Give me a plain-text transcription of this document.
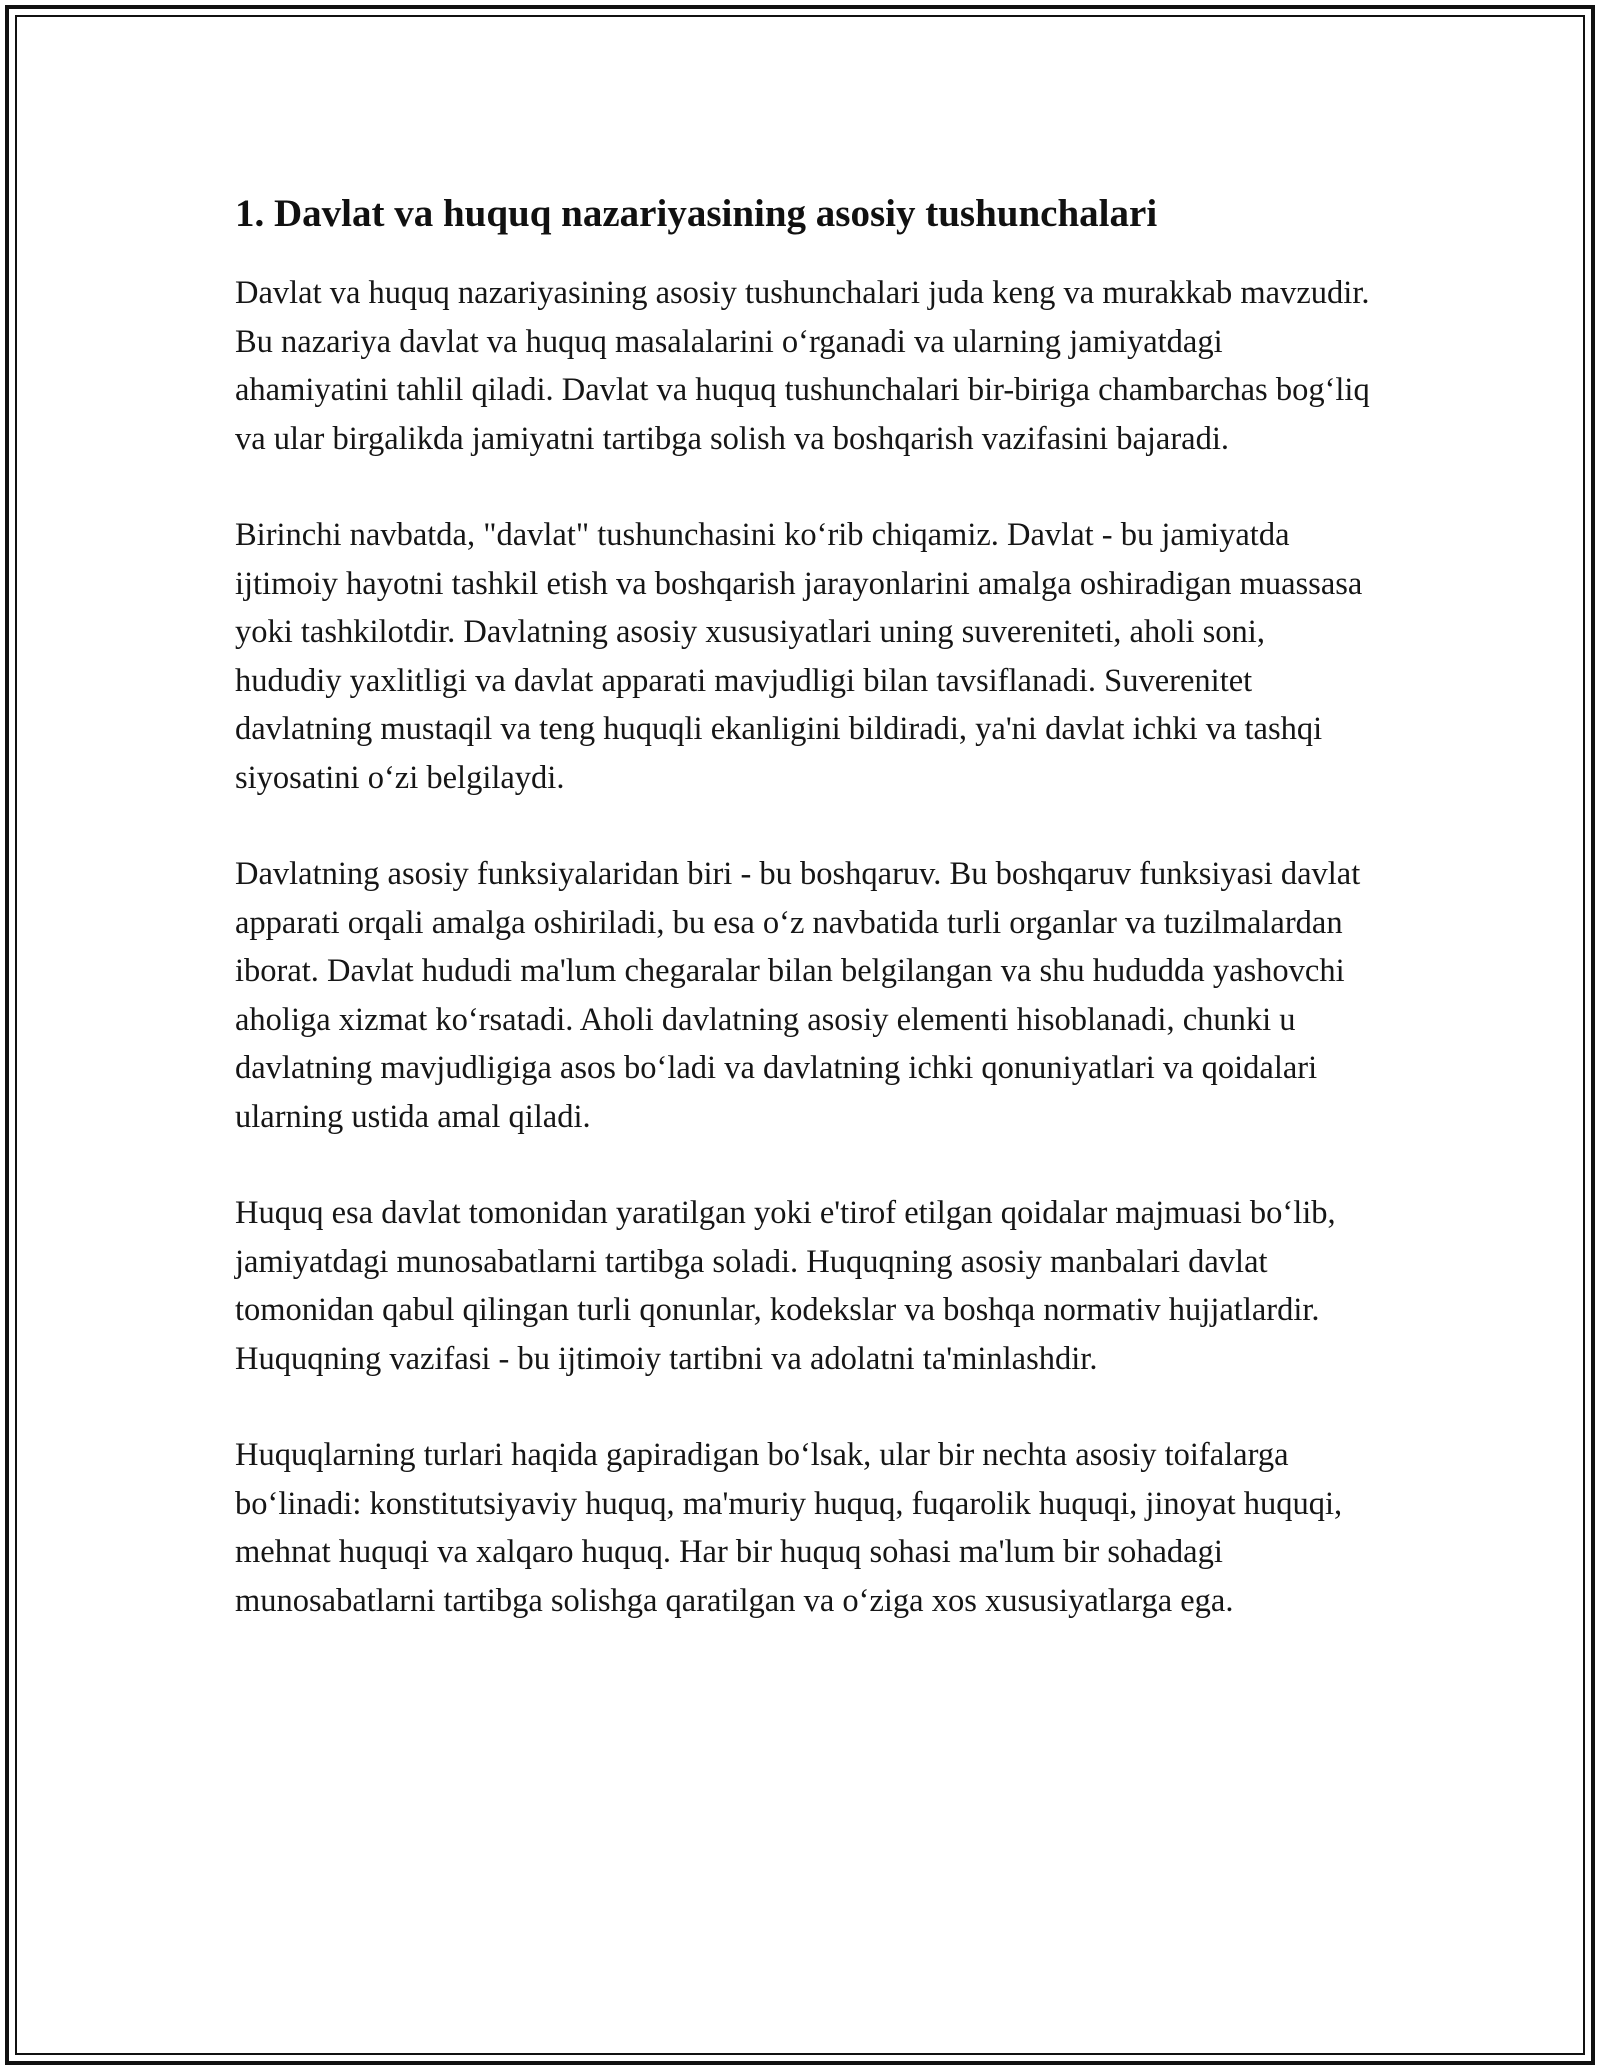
1. Davlat va huquq nazariyasining asosiy tushunchalari

Davlat va huquq nazariyasining asosiy tushunchalari juda keng va murakkab mavzudir. Bu nazariya davlat va huquq masalalarini o‘rganadi va ularning jamiyatdagi ahamiyatini tahlil qiladi. Davlat va huquq tushunchalari bir-biriga chambarchas bog‘liq va ular birgalikda jamiyatni tartibga solish va boshqarish vazifasini bajaradi.

Birinchi navbatda, "davlat" tushunchasini ko‘rib chiqamiz. Davlat - bu jamiyatda ijtimoiy hayotni tashkil etish va boshqarish jarayonlarini amalga oshiradigan muassasa yoki tashkilotdir. Davlatning asosiy xususiyatlari uning suvereniteti, aholi soni, hududiy yaxlitligi va davlat apparati mavjudligi bilan tavsiflanadi. Suverenitet davlatning mustaqil va teng huquqli ekanligini bildiradi, ya'ni davlat ichki va tashqi siyosatini o‘zi belgilaydi.

Davlatning asosiy funksiyalaridan biri - bu boshqaruv. Bu boshqaruv funksiyasi davlat apparati orqali amalga oshiriladi, bu esa o‘z navbatida turli organlar va tuzilmalardan iborat. Davlat hududi ma'lum chegaralar bilan belgilangan va shu hududda yashovchi aholiga xizmat ko‘rsatadi. Aholi davlatning asosiy elementi hisoblanadi, chunki u davlatning mavjudligiga asos bo‘ladi va davlatning ichki qonuniyatlari va qoidalari ularning ustida amal qiladi.

Huquq esa davlat tomonidan yaratilgan yoki e'tirof etilgan qoidalar majmuasi bo‘lib, jamiyatdagi munosabatlarni tartibga soladi. Huquqning asosiy manbalari davlat tomonidan qabul qilingan turli qonunlar, kodekslar va boshqa normativ hujjatlardir. Huquqning vazifasi - bu ijtimoiy tartibni va adolatni ta'minlashdir.

Huquqlarning turlari haqida gapiradigan bo‘lsak, ular bir nechta asosiy toifalarga bo‘linadi: konstitutsiyaviy huquq, ma'muriy huquq, fuqarolik huquqi, jinoyat huquqi, mehnat huquqi va xalqaro huquq. Har bir huquq sohasi ma'lum bir sohadagi munosabatlarni tartibga solishga qaratilgan va o‘ziga xos xususiyatlarga ega.
